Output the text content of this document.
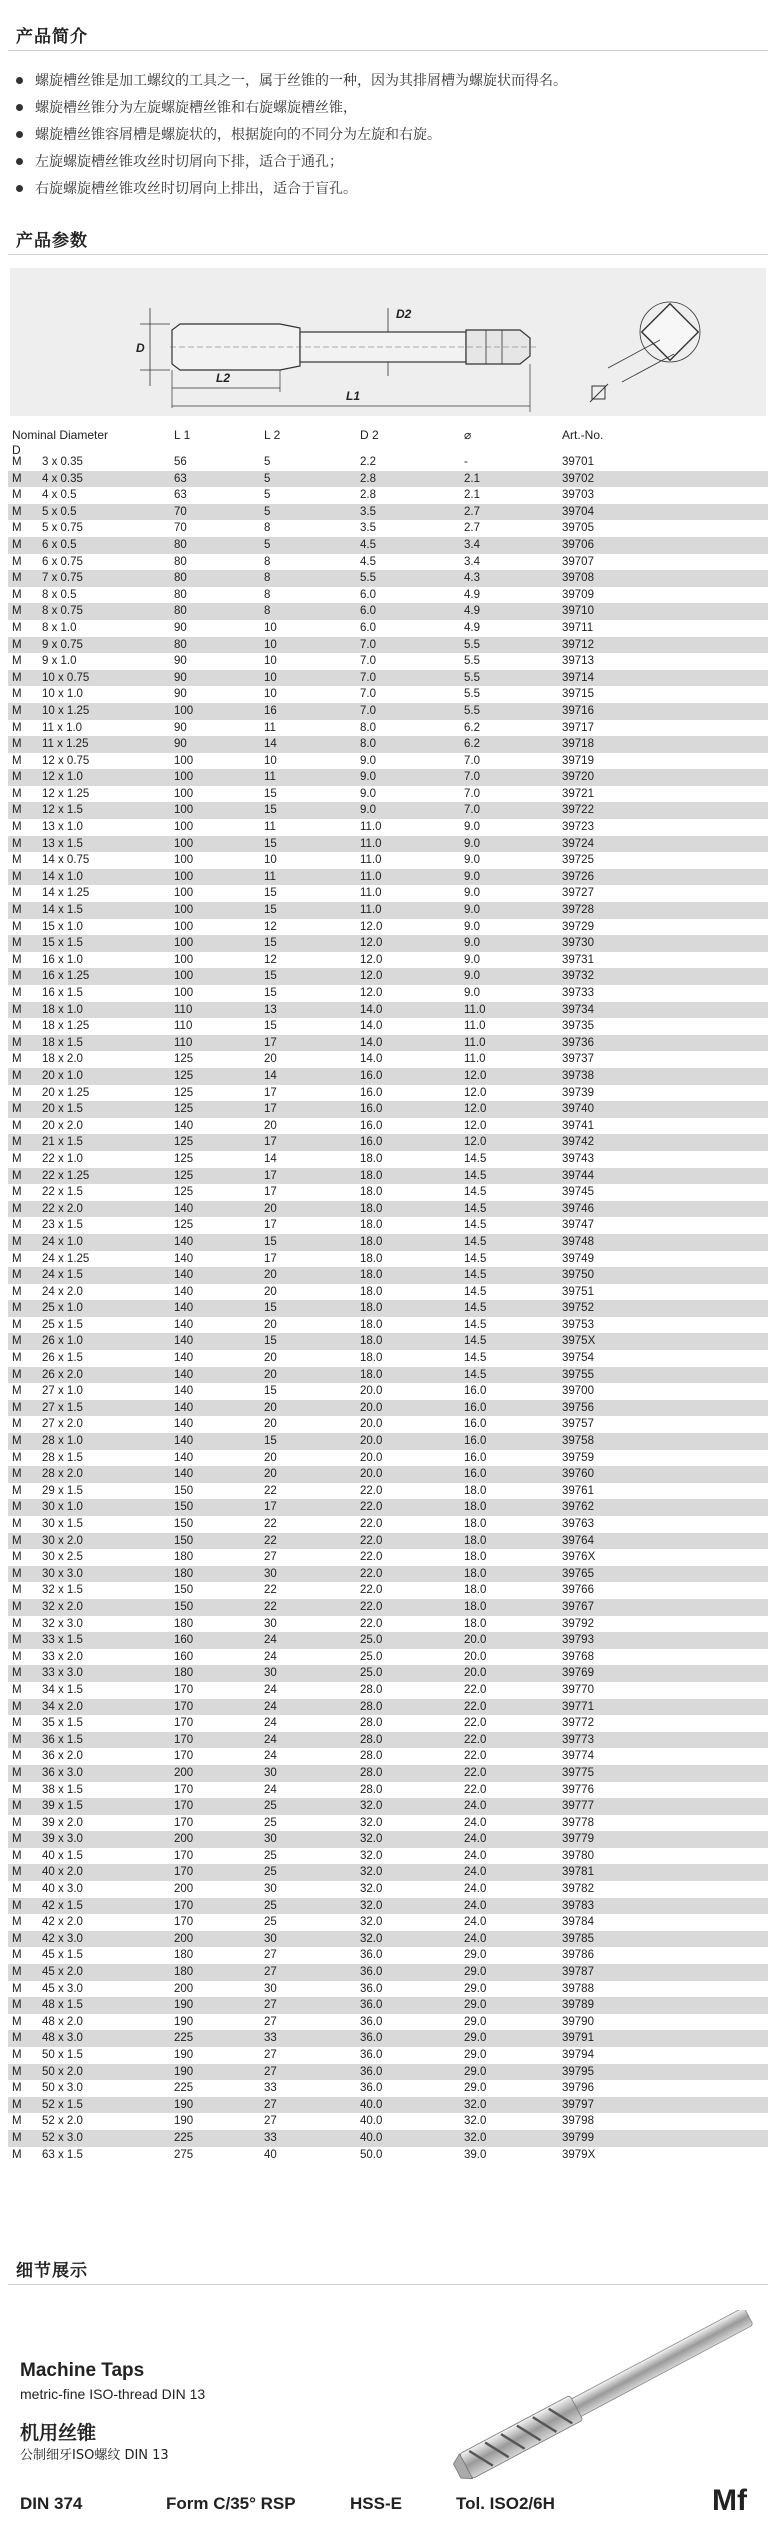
产品简介
螺旋槽丝锥是加工螺纹的工具之一，属于丝锥的一种，因为其排屑槽为螺旋状而得名。
螺旋槽丝锥分为左旋螺旋槽丝锥和右旋螺旋槽丝锥，
螺旋槽丝锥容屑槽是螺旋状的，根据旋向的不同分为左旋和右旋。
左旋螺旋槽丝锥攻丝时切屑向下排，适合于通孔；
右旋螺旋槽丝锥攻丝时切屑向上排出，适合于盲孔。
产品参数
D
D2
L2
L1
Nominal Diameter
D
L 1	L 2	D 2	⌀	Art.-No.
M 3 x 0.35	56	5	2.2	-	39701
M 4 x 0.35	63	5	2.8	2.1	39702
M 4 x 0.5	63	5	2.8	2.1	39703
M 5 x 0.5	70	5	3.5	2.7	39704
M 5 x 0.75	70	8	3.5	2.7	39705
M 6 x 0.5	80	5	4.5	3.4	39706
M 6 x 0.75	80	8	4.5	3.4	39707
M 7 x 0.75	80	8	5.5	4.3	39708
M 8 x 0.5	80	8	6.0	4.9	39709
M 8 x 0.75	80	8	6.0	4.9	39710
M 8 x 1.0	90	10	6.0	4.9	39711
M 9 x 0.75	80	10	7.0	5.5	39712
M 9 x 1.0	90	10	7.0	5.5	39713
M 10 x 0.75	90	10	7.0	5.5	39714
M 10 x 1.0	90	10	7.0	5.5	39715
M 10 x 1.25	100	16	7.0	5.5	39716
M 11 x 1.0	90	11	8.0	6.2	39717
M 11 x 1.25	90	14	8.0	6.2	39718
M 12 x 0.75	100	10	9.0	7.0	39719
M 12 x 1.0	100	11	9.0	7.0	39720
M 12 x 1.25	100	15	9.0	7.0	39721
M 12 x 1.5	100	15	9.0	7.0	39722
M 13 x 1.0	100	11	11.0	9.0	39723
M 13 x 1.5	100	15	11.0	9.0	39724
M 14 x 0.75	100	10	11.0	9.0	39725
M 14 x 1.0	100	11	11.0	9.0	39726
M 14 x 1.25	100	15	11.0	9.0	39727
M 14 x 1.5	100	15	11.0	9.0	39728
M 15 x 1.0	100	12	12.0	9.0	39729
M 15 x 1.5	100	15	12.0	9.0	39730
M 16 x 1.0	100	12	12.0	9.0	39731
M 16 x 1.25	100	15	12.0	9.0	39732
M 16 x 1.5	100	15	12.0	9.0	39733
M 18 x 1.0	110	13	14.0	11.0	39734
M 18 x 1.25	110	15	14.0	11.0	39735
M 18 x 1.5	110	17	14.0	11.0	39736
M 18 x 2.0	125	20	14.0	11.0	39737
M 20 x 1.0	125	14	16.0	12.0	39738
M 20 x 1.25	125	17	16.0	12.0	39739
M 20 x 1.5	125	17	16.0	12.0	39740
M 20 x 2.0	140	20	16.0	12.0	39741
M 21 x 1.5	125	17	16.0	12.0	39742
M 22 x 1.0	125	14	18.0	14.5	39743
M 22 x 1.25	125	17	18.0	14.5	39744
M 22 x 1.5	125	17	18.0	14.5	39745
M 22 x 2.0	140	20	18.0	14.5	39746
M 23 x 1.5	125	17	18.0	14.5	39747
M 24 x 1.0	140	15	18.0	14.5	39748
M 24 x 1.25	140	17	18.0	14.5	39749
M 24 x 1.5	140	20	18.0	14.5	39750
M 24 x 2.0	140	20	18.0	14.5	39751
M 25 x 1.0	140	15	18.0	14.5	39752
M 25 x 1.5	140	20	18.0	14.5	39753
M 26 x 1.0	140	15	18.0	14.5	3975X
M 26 x 1.5	140	20	18.0	14.5	39754
M 26 x 2.0	140	20	18.0	14.5	39755
M 27 x 1.0	140	15	20.0	16.0	39700
M 27 x 1.5	140	20	20.0	16.0	39756
M 27 x 2.0	140	20	20.0	16.0	39757
M 28 x 1.0	140	15	20.0	16.0	39758
M 28 x 1.5	140	20	20.0	16.0	39759
M 28 x 2.0	140	20	20.0	16.0	39760
M 29 x 1.5	150	22	22.0	18.0	39761
M 30 x 1.0	150	17	22.0	18.0	39762
M 30 x 1.5	150	22	22.0	18.0	39763
M 30 x 2.0	150	22	22.0	18.0	39764
M 30 x 2.5	180	27	22.0	18.0	3976X
M 30 x 3.0	180	30	22.0	18.0	39765
M 32 x 1.5	150	22	22.0	18.0	39766
M 32 x 2.0	150	22	22.0	18.0	39767
M 32 x 3.0	180	30	22.0	18.0	39792
M 33 x 1.5	160	24	25.0	20.0	39793
M 33 x 2.0	160	24	25.0	20.0	39768
M 33 x 3.0	180	30	25.0	20.0	39769
M 34 x 1.5	170	24	28.0	22.0	39770
M 34 x 2.0	170	24	28.0	22.0	39771
M 35 x 1.5	170	24	28.0	22.0	39772
M 36 x 1.5	170	24	28.0	22.0	39773
M 36 x 2.0	170	24	28.0	22.0	39774
M 36 x 3.0	200	30	28.0	22.0	39775
M 38 x 1.5	170	24	28.0	22.0	39776
M 39 x 1.5	170	25	32.0	24.0	39777
M 39 x 2.0	170	25	32.0	24.0	39778
M 39 x 3.0	200	30	32.0	24.0	39779
M 40 x 1.5	170	25	32.0	24.0	39780
M 40 x 2.0	170	25	32.0	24.0	39781
M 40 x 3.0	200	30	32.0	24.0	39782
M 42 x 1.5	170	25	32.0	24.0	39783
M 42 x 2.0	170	25	32.0	24.0	39784
M 42 x 3.0	200	30	32.0	24.0	39785
M 45 x 1.5	180	27	36.0	29.0	39786
M 45 x 2.0	180	27	36.0	29.0	39787
M 45 x 3.0	200	30	36.0	29.0	39788
M 48 x 1.5	190	27	36.0	29.0	39789
M 48 x 2.0	190	27	36.0	29.0	39790
M 48 x 3.0	225	33	36.0	29.0	39791
M 50 x 1.5	190	27	36.0	29.0	39794
M 50 x 2.0	190	27	36.0	29.0	39795
M 50 x 3.0	225	33	36.0	29.0	39796
M 52 x 1.5	190	27	40.0	32.0	39797
M 52 x 2.0	190	27	40.0	32.0	39798
M 52 x 3.0	225	33	40.0	32.0	39799
M 63 x 1.5	275	40	50.0	39.0	3979X
细节展示
Machine Taps
metric-fine ISO-thread DIN 13
机用丝锥
公制细牙ISO螺纹 DIN 13
DIN 374	Form C/35° RSP	HSS-E	Tol. ISO2/6H	Mf
